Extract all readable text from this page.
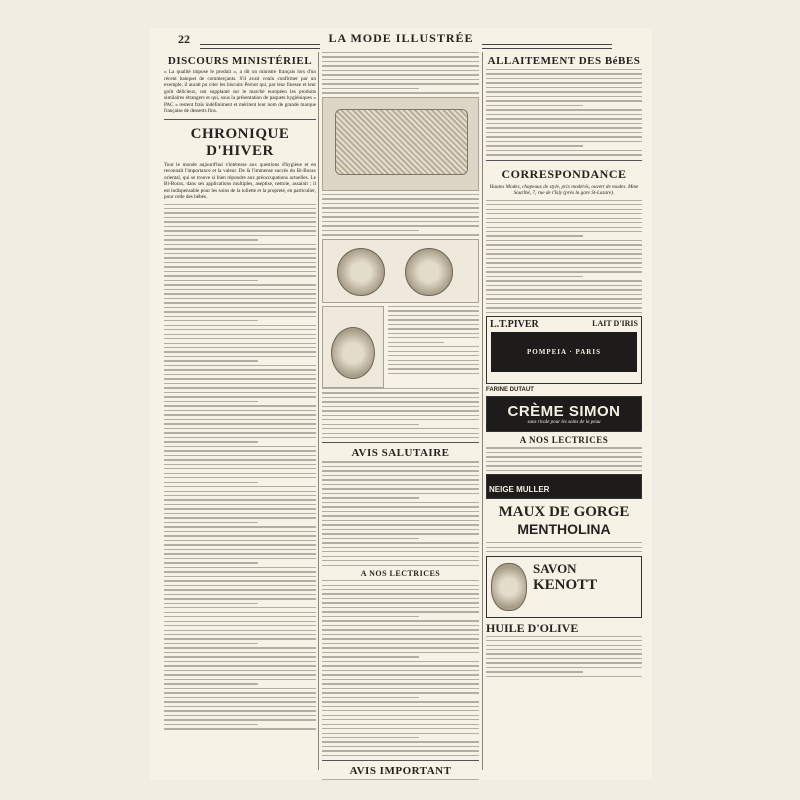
22	LA MODE ILLUSTRÉE
DISCOURS MINISTÉRIEL

« La qualité impose le produit », a dit un ministre français lors d'un récent banquet de commerçants. S'il avait voulu confirmer par un exemple, il aurait pu citer les biscuits Pernot qui, par leur finesse et leur goût délicieux, ont supplanté sur le marché européen les produits similaires étrangers et qui, sous la présentation de paquets hygiéniques « PAC » restent fraîs indéfiniment et méritent leur nom de grande marque française de desserts fins.

CHRONIQUE D'HIVER

Tout le monde aujourd'hui s'intéresse aux questions d'hygiène et en reconnaît l'importance et la valeur. De là l'immense succès du Bi-Borax oriental, qui se trouve si bien répondre aux préoccupations actuelles. Le Bi-Borax, dans ses applications multiples, aseptise, nettoie, assainit ; il est indispensable pour les soins de la toilette et la propreté, en particulier, pour celle des bébés.

AVIS SALUTAIRE
A NOS LECTRICES
AVIS IMPORTANT
ALLAITEMENT DES BéBES
CORRESPONDANCE

Hautes Modes, chapeaux de style, prix modérés, ouvert de modes. Mme Sourlhé, 7, rue de l'Isly (près la gare St-Lazare).

L.T.PIVER	LAIT D'IRIS
POMPEIA · PARIS
FARINE DUTAUT
CRÈME SIMON
sans rivale pour les soins de la peau
A NOS LECTRICES
NEIGE MULLER
MAUX DE GORGE
MENTHOLINA
SAVON
KENOTT
HUILE D'OLIVE
